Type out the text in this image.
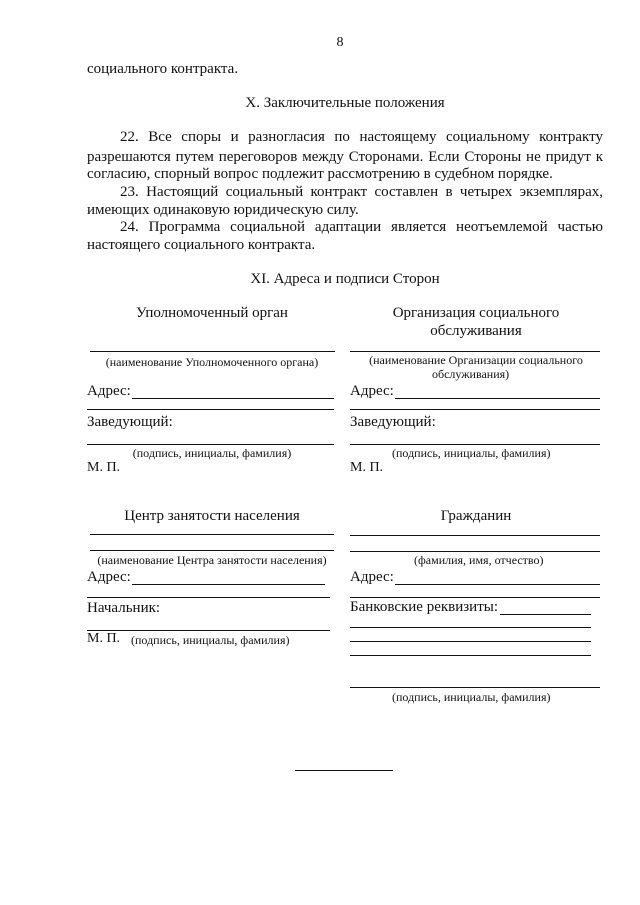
8
социального контракта.
X. Заключительные положения
22. Все споры и разногласия по настоящему социальному контракту
разрешаются путем переговоров между Сторонами. Если Стороны не придут к
согласию, спорный вопрос подлежит рассмотрению в судебном порядке.
23. Настоящий социальный контракт составлен в четырех экземплярах,
имеющих одинаковую юридическую силу.
24. Программа социальной адаптации является неотъемлемой частью
настоящего социального контракта.
XI. Адреса и подписи Сторон
Уполномоченный орган
(наименование Уполномоченного органа)
Адрес:
Заведующий:
(подпись, инициалы, фамилия)
М. П.
Организация социального
обслуживания
(наименование Организации социального
обслуживания)
Адрес:
Заведующий:
(подпись, инициалы, фамилия)
М. П.
Центр занятости населения
(наименование Центра занятости населения)
Адрес:
Начальник:
М. П. (подпись, инициалы, фамилия)
Гражданин
(фамилия, имя, отчество)
Адрес:
Банковские реквизиты:
(подпись, инициалы, фамилия)
